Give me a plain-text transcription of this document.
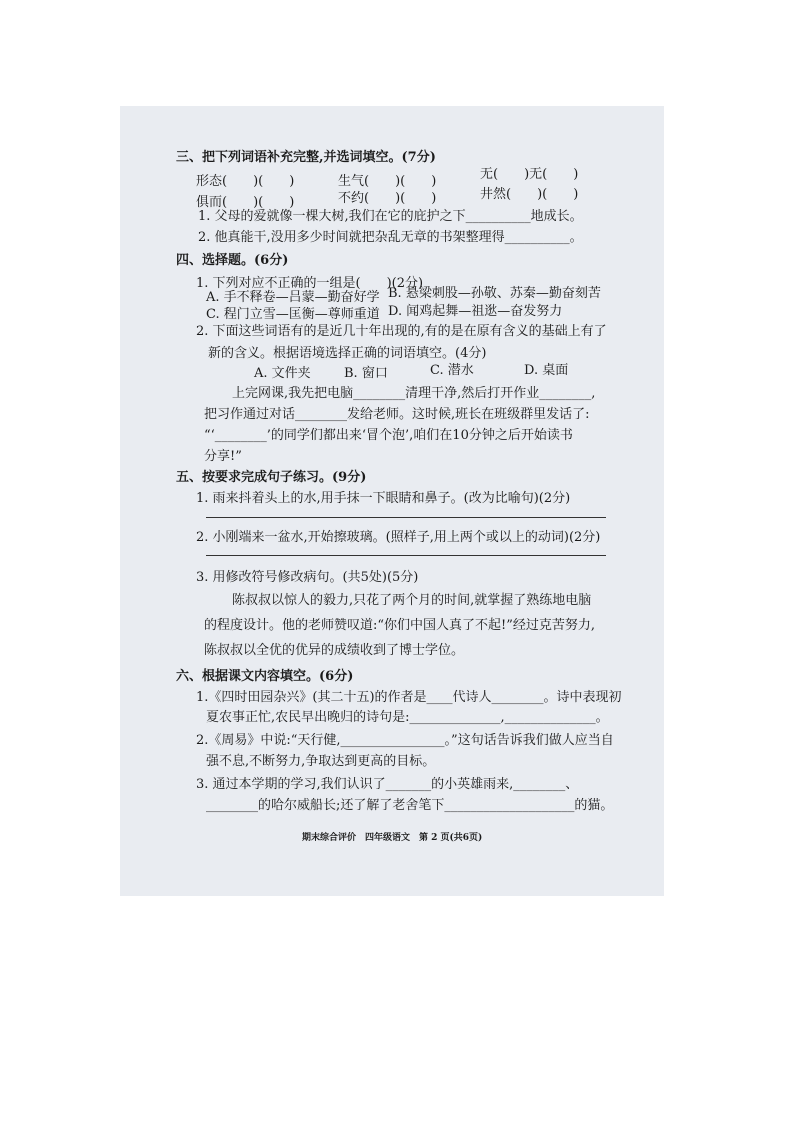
三、把下列词语补充完整,并选词填空。(7分)
形态(　　)(　　)	生气(　　)(　　)	无(　　)无(　　)
俱而(　　)(　　)	不约(　　)(　　)	井然(　　)(　　)
1. 父母的爱就像一棵大树,我们在它的庇护之下__________地成长。
2. 他真能干,没用多少时间就把杂乱无章的书架整理得__________。
四、选择题。(6分)
1. 下列对应不正确的一组是(　　)(2分)
A. 手不释卷—吕蒙—勤奋好学 B. 悬梁刺股—孙敬、苏秦—勤奋刻苦
C. 程门立雪—匡衡—尊师重道 D. 闻鸡起舞—祖逖—奋发努力
2. 下面这些词语有的是近几十年出现的,有的是在原有含义的基础上有了
新的含义。根据语境选择正确的词语填空。(4分)
A. 文件夹	B. 窗口	C. 潜水	D. 桌面
上完网课,我先把电脑________清理干净,然后打开作业________,
把习作通过对话________发给老师。这时候,班长在班级群里发话了:
“‘________’的同学们都出来‘冒个泡’,咱们在10分钟之后开始读书
分享!”
五、按要求完成句子练习。(9分)
1. 雨来抖着头上的水,用手抹一下眼睛和鼻子。(改为比喻句)(2分)
2. 小刚端来一盆水,开始擦玻璃。(照样子,用上两个或以上的动词)(2分)
3. 用修改符号修改病句。(共5处)(5分)
陈叔叔以惊人的毅力,只花了两个月的时间,就掌握了熟练地电脑
的程度设计。他的老师赞叹道:“你们中国人真了不起!”经过克苦努力,
陈叔叔以全优的优异的成绩收到了博士学位。
六、根据课文内容填空。(6分)
1.《四时田园杂兴》(其二十五)的作者是____代诗人________。诗中表现初
夏农事正忙,农民早出晚归的诗句是:______________,______________。
2.《周易》中说:“天行健,________________。”这句话告诉我们做人应当自
强不息,不断努力,争取达到更高的目标。
3. 通过本学期的学习,我们认识了_______的小英雄雨来,________、
________的哈尔威船长;还了解了老舍笔下____________________的猫。
期末综合评价　四年级语文　第 2 页(共6页)
